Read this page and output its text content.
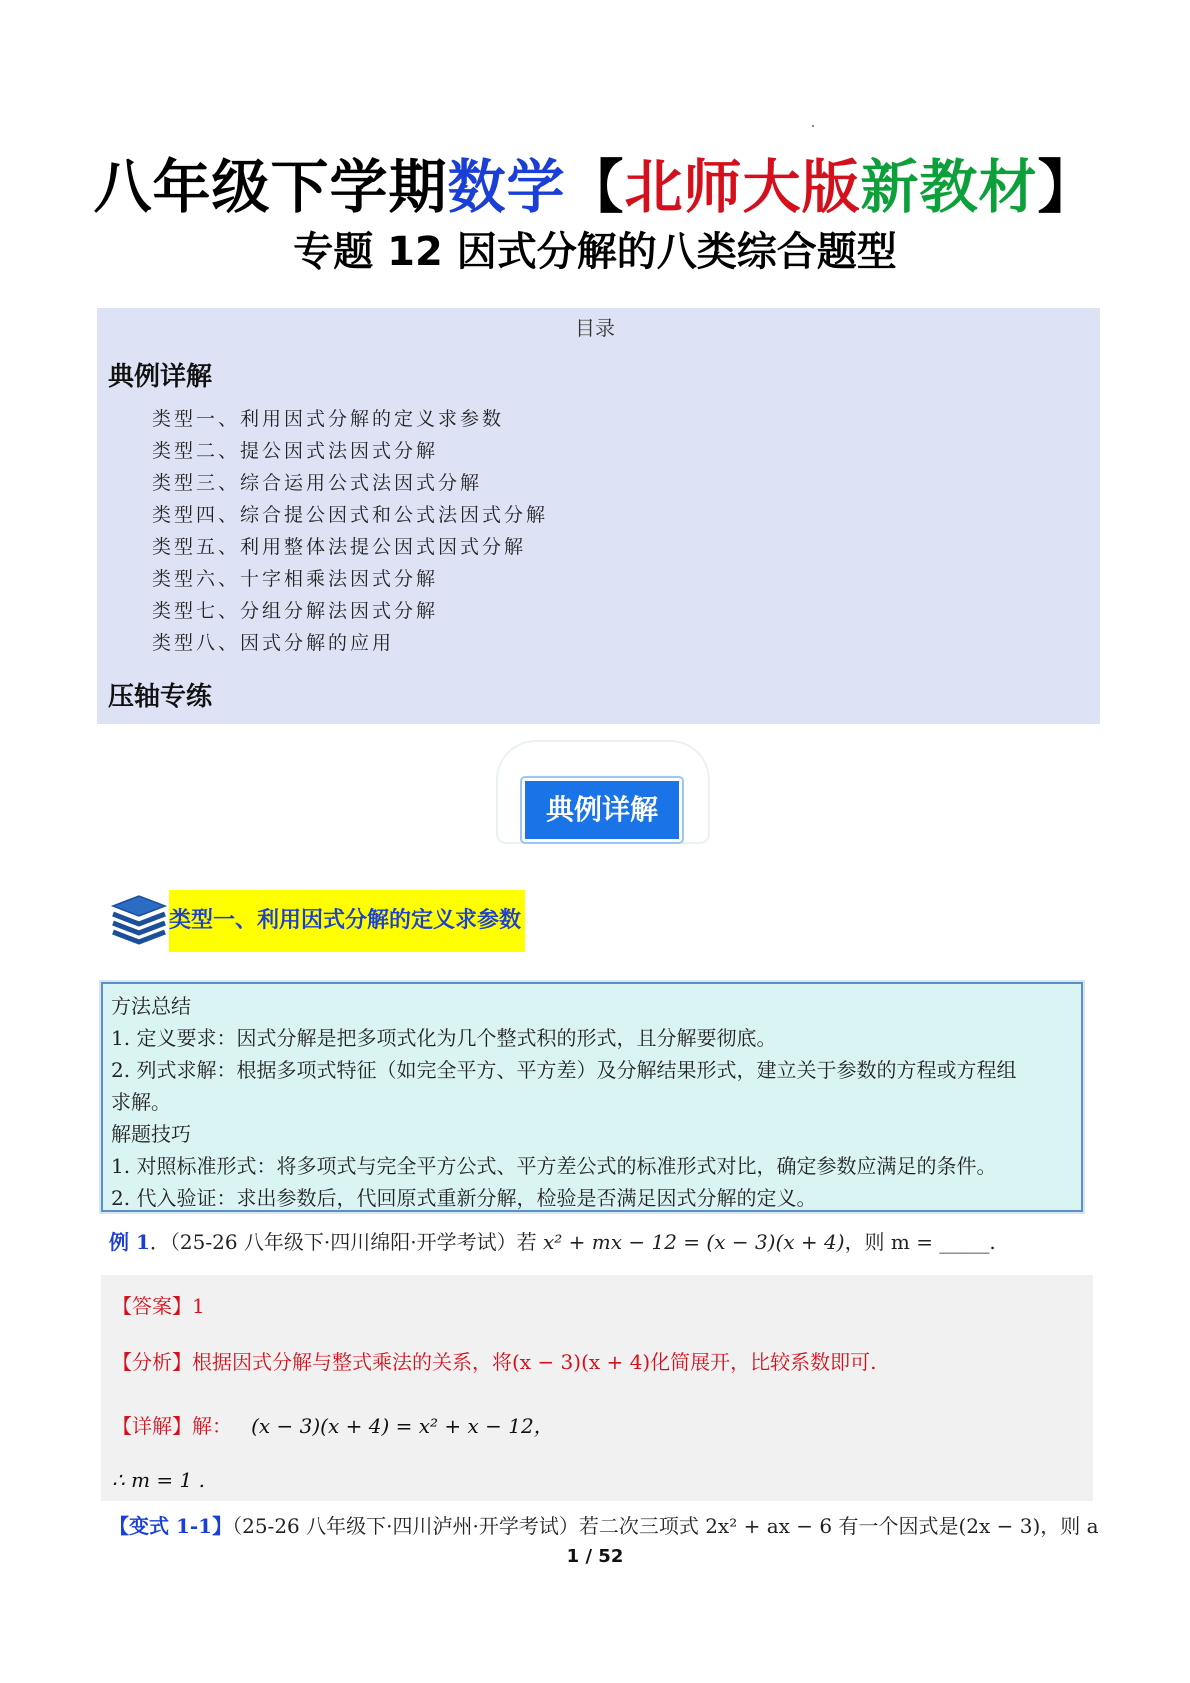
八年级下学期数学【北师大版新教材】
专题 12 因式分解的八类综合题型
目录
典例详解
类型一、利用因式分解的定义求参数
类型二、提公因式法因式分解
类型三、综合运用公式法因式分解
类型四、综合提公因式和公式法因式分解
类型五、利用整体法提公因式因式分解
类型六、十字相乘法因式分解
类型七、分组分解法因式分解
类型八、因式分解的应用
压轴专练
典例详解
类型一、利用因式分解的定义求参数

方法总结

1. 定义要求：因式分解是把多项式化为几个整式积的形式，且分解要彻底。

2. 列式求解：根据多项式特征（如完全平方、平方差）及分解结果形式，建立关于参数的方程或方程组

求解。

解题技巧

1. 对照标准形式：将多项式与完全平方公式、平方差公式的标准形式对比，确定参数应满足的条件。

2. 代入验证：求出参数后，代回原式重新分解，检验是否满足因式分解的定义。

例 1．（25-26 八年级下·四川绵阳·开学考试）若 x² + mx − 12 = (x − 3)(x + 4)，则 m = _____.
【答案】1
【分析】根据因式分解与整式乘法的关系，将(x − 3)(x + 4)化简展开，比较系数即可.
【详解】解： (x − 3)(x + 4) = x² + x − 12，
∴ m = 1 .
【变式 1-1】（25-26 八年级下·四川泸州·开学考试）若二次三项式 2x² + ax − 6 有一个因式是(2x − 3)，则 a
1 / 52
